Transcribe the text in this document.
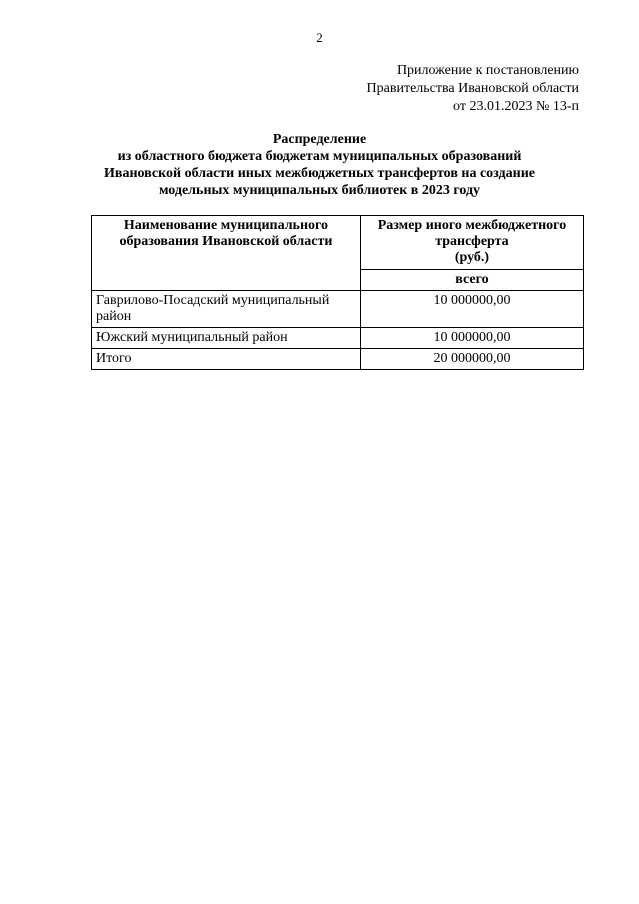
2
Приложение к постановлению
Правительства Ивановской области
от 23.01.2023 № 13-п
Распределение
из областного бюджета бюджетам муниципальных образований
Ивановской области иных межбюджетных трансфертов на создание
модельных муниципальных библиотек в 2023 году
Наименование муниципального образования Ивановской области	Размер иного межбюджетного
трансферта
(руб.)

	всего
Гаврилово-Посадский муниципальный район	10 000000,00
Южский муниципальный район	10 000000,00
Итого	20 000000,00
